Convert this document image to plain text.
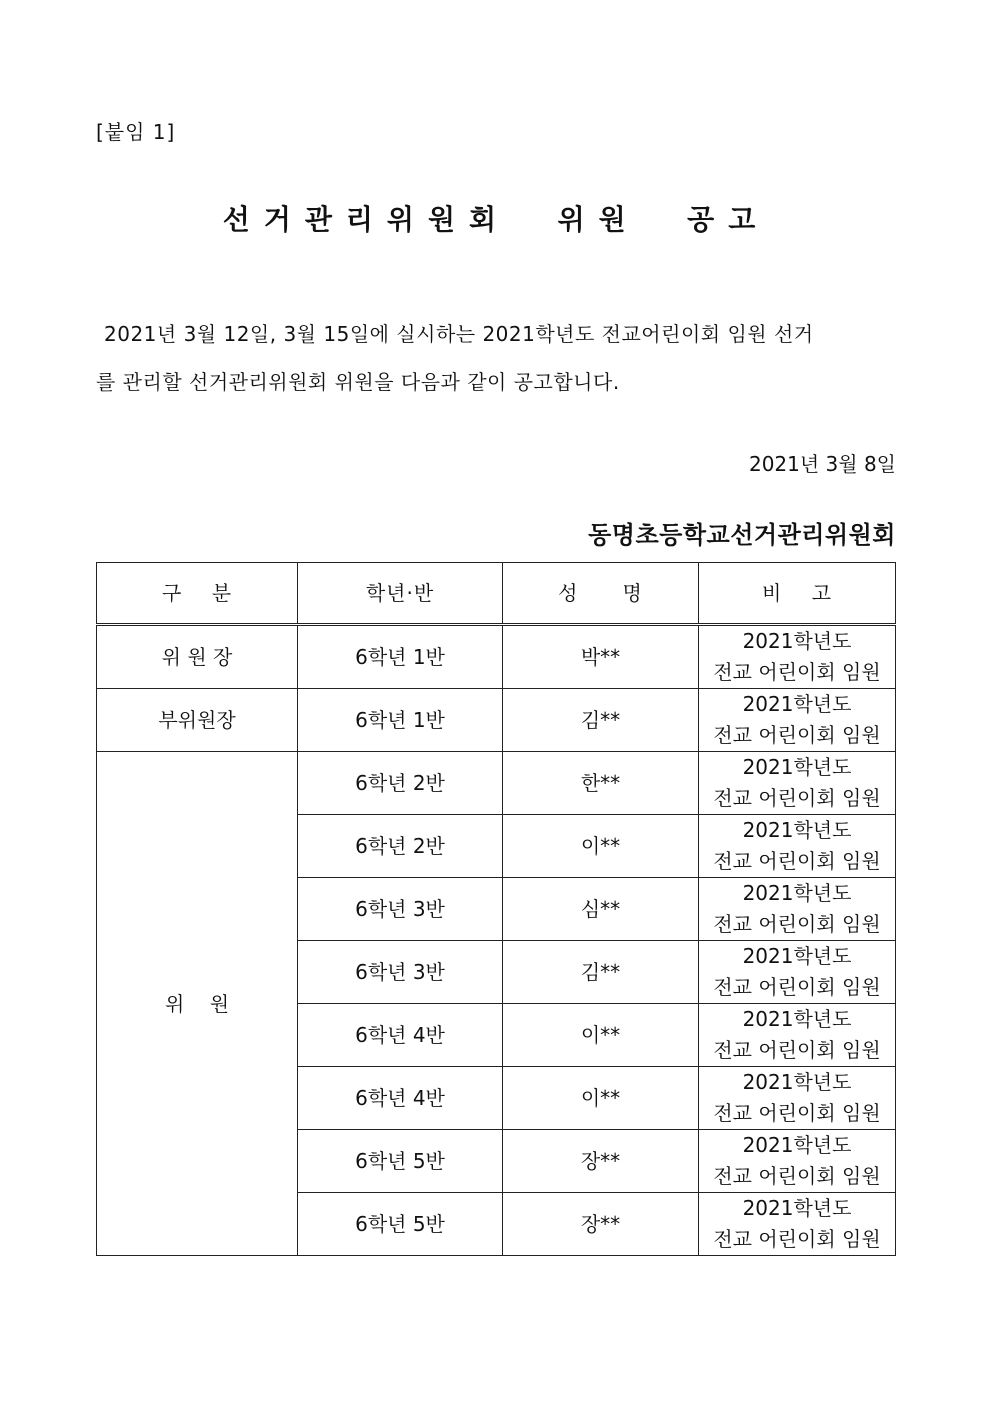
[붙임 1]
선거관리위원회  위원  공고
2021년 3월 12일, 3월 15일에 실시하는 2021학년도 전교어린이회 임원 선거
를 관리할 선거관리위원회 위원을 다음과 같이 공고합니다.
2021년 3월 8일
동명초등학교선거관리위원회
구    분	학년·반	성      명	비    고
위 원 장	6학년 1반	박**	2021학년도
전교 어린이회 임원
부위원장	6학년 1반	김**	2021학년도
전교 어린이회 임원
위    원	6학년 2반	한**	2021학년도
전교 어린이회 임원
	6학년 2반	이**	2021학년도
전교 어린이회 임원
	6학년 3반	심**	2021학년도
전교 어린이회 임원
	6학년 3반	김**	2021학년도
전교 어린이회 임원
	6학년 4반	이**	2021학년도
전교 어린이회 임원
	6학년 4반	이**	2021학년도
전교 어린이회 임원
	6학년 5반	장**	2021학년도
전교 어린이회 임원
	6학년 5반	장**	2021학년도
전교 어린이회 임원
